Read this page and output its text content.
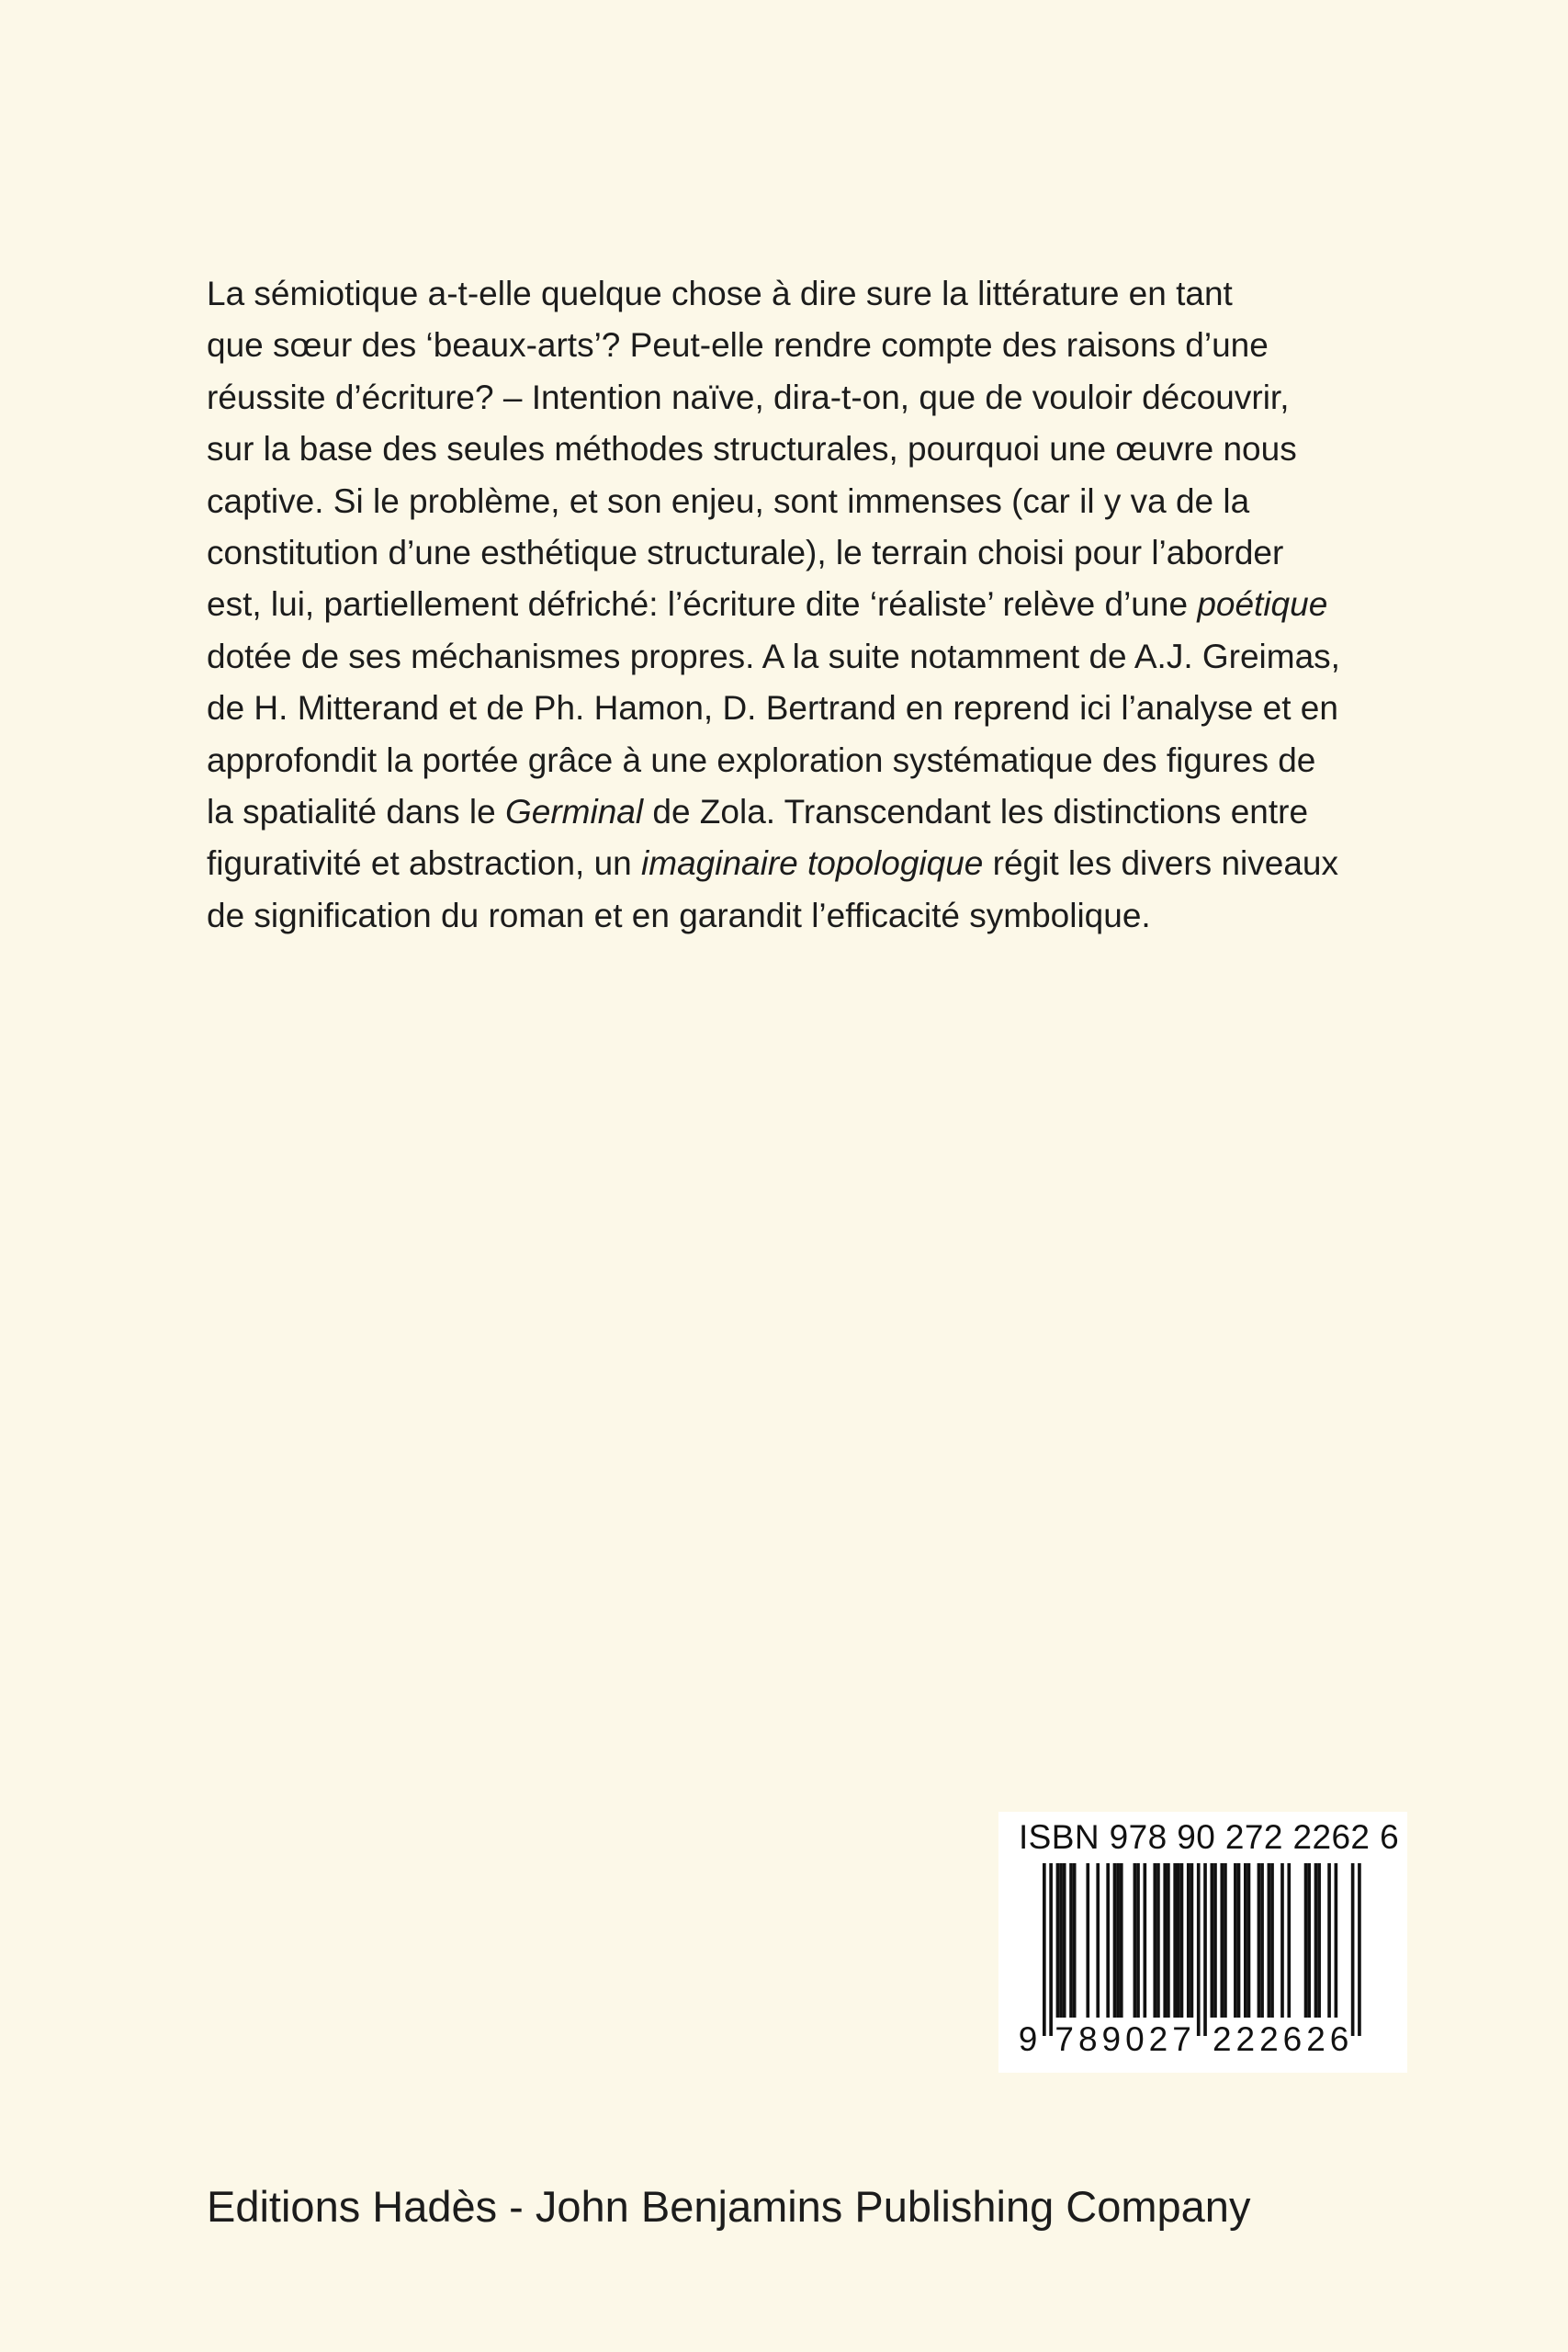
La sémiotique a-t-elle quelque chose à dire sure la littérature en tant
que sœur des ‘beaux-arts’? Peut-elle rendre compte des raisons d’une
réussite d’écriture? – Intention naïve, dira-t-on, que de vouloir découvrir,
sur la base des seules méthodes structurales, pourquoi une œuvre nous
captive. Si le problème, et son enjeu, sont immenses (car il y va de la
constitution d’une esthétique structurale), le terrain choisi pour l’aborder
est, lui, partiellement défriché: l’écriture dite ‘réaliste’ relève d’une poétique
dotée de ses méchanismes propres. A la suite notamment de A.J. Greimas,
de H. Mitterand et de Ph. Hamon, D. Bertrand en reprend ici l’analyse et en
approfondit la portée grâce à une exploration systématique des figures de
la spatialité dans le Germinal de Zola. Transcendant les distinctions entre
figurativité et abstraction, un imaginaire topologique régit les divers niveaux
de signification du roman et en garandit l’efficacité symbolique.

ISBN 978 90 272 2262 6
9 7 8 9 0 2 7 2 2 2 6 2 6
Editions Hadès - John Benjamins Publishing Company
